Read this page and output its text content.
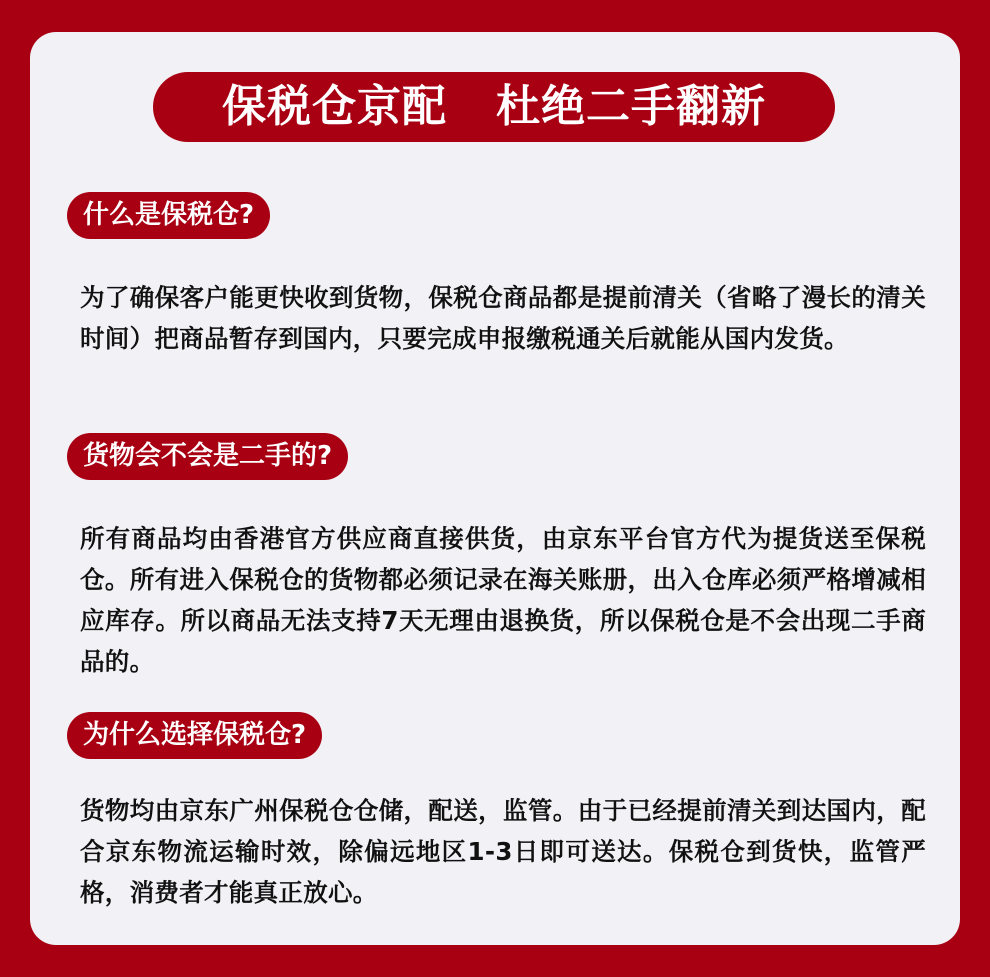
保税仓京配   杜绝二手翻新
什么是保税仓?
为了确保客户能更快收到货物，保税仓商品都是提前清关（省略了漫长的清关时间）把商品暂存到国内，只要完成申报缴税通关后就能从国内发货。
货物会不会是二手的?
所有商品均由香港官方供应商直接供货，由京东平台官方代为提货送至保税仓。所有进入保税仓的货物都必须记录在海关账册，出入仓库必须严格增减相应库存。所以商品无法支持7天无理由退换货，所以保税仓是不会出现二手商品的。
为什么选择保税仓?
货物均由京东广州保税仓仓储，配送，监管。由于已经提前清关到达国内，配合京东物流运输时效，除偏远地区1-3日即可送达。保税仓到货快，监管严格，消费者才能真正放心。
